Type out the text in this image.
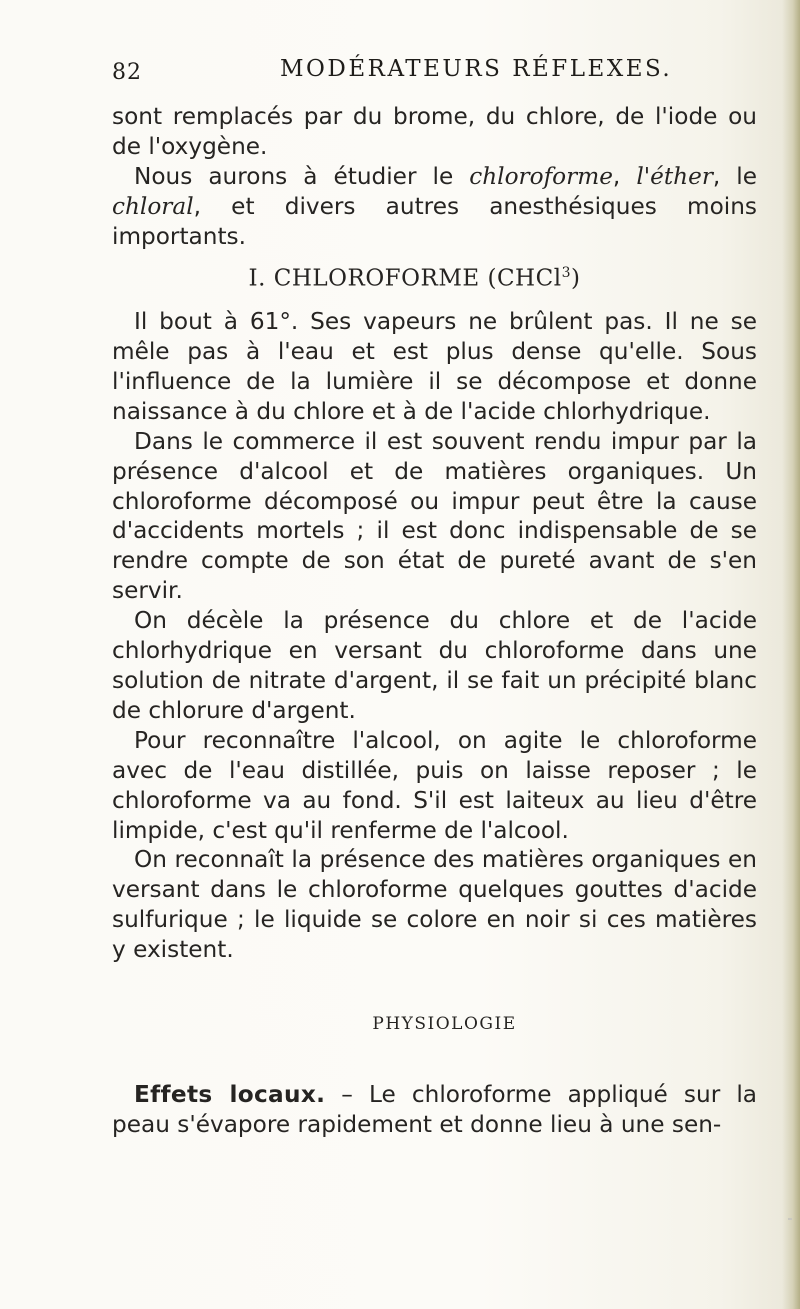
82	MODÉRATEURS RÉFLEXES.

sont remplacés par du brome, du chlore, de l'iode ou de l'oxygène.

Nous aurons à étudier le chloroforme, l'éther, le chloral, et divers autres anesthésiques moins importants.

I. CHLOROFORME (CHCl$^3$)

Il bout à 61°. Ses vapeurs ne brûlent pas. Il ne se mêle pas à l'eau et est plus dense qu'elle. Sous l'influence de la lumière il se décompose et donne naissance à du chlore et à de l'acide chlorhydrique.

Dans le commerce il est souvent rendu impur par la présence d'alcool et de matières organiques. Un chloroforme décomposé ou impur peut être la cause d'accidents mortels ; il est donc indispensable de se rendre compte de son état de pureté avant de s'en servir.

On décèle la présence du chlore et de l'acide chlorhydrique en versant du chloroforme dans une solution de nitrate d'argent, il se fait un précipité blanc de chlorure d'argent.

Pour reconnaître l'alcool, on agite le chloroforme avec de l'eau distillée, puis on laisse reposer ; le chloroforme va au fond. S'il est laiteux au lieu d'être limpide, c'est qu'il renferme de l'alcool.

On reconnaît la présence des matières organiques en versant dans le chloroforme quelques gouttes d'acide sulfurique ; le liquide se colore en noir si ces matières y existent.

PHYSIOLOGIE

Effets locaux. – Le chloroforme appliqué sur la peau s'évapore rapidement et donne lieu à une sen-
